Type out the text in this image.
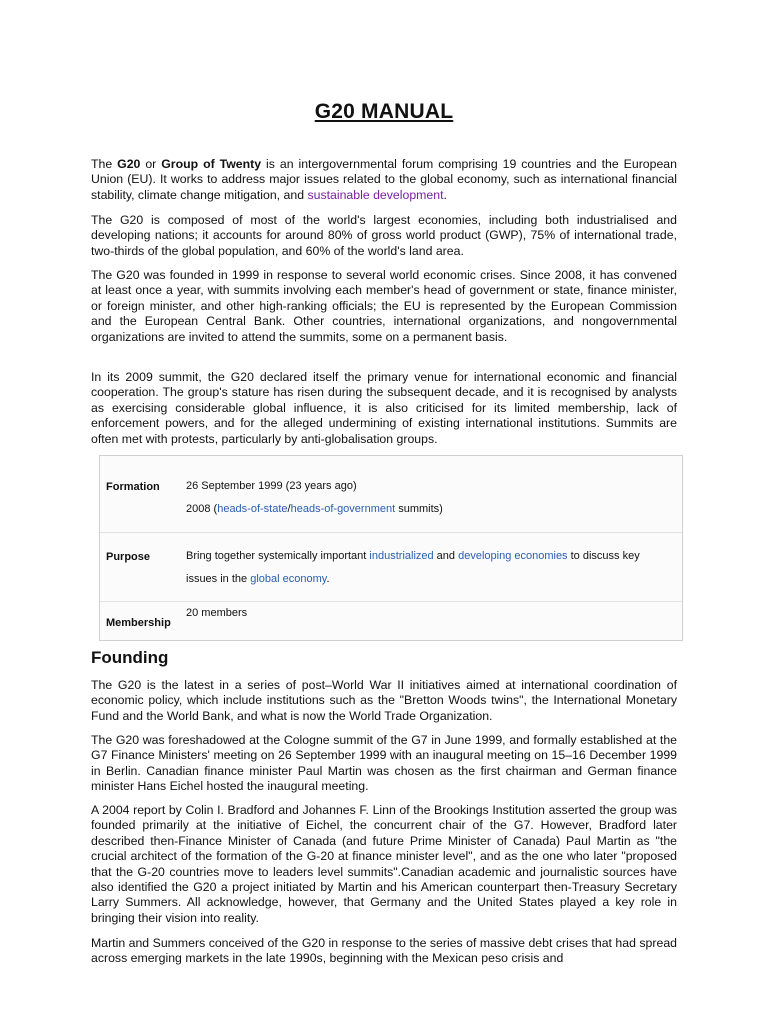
G20 MANUAL

The G20 or Group of Twenty is an intergovernmental forum comprising 19 countries and the European Union (EU). It works to address major issues related to the global economy, such as international financial stability, climate change mitigation, and sustainable development.

The G20 is composed of most of the world's largest economies, including both industrialised and developing nations; it accounts for around 80% of gross world product (GWP), 75% of international trade, two-thirds of the global population, and 60% of the world's land area.

The G20 was founded in 1999 in response to several world economic crises. Since 2008, it has convened at least once a year, with summits involving each member's head of government or state, finance minister, or foreign minister, and other high-ranking officials; the EU is represented by the European Commission and the European Central Bank. Other countries, international organizations, and nongovernmental organizations are invited to attend the summits, some on a permanent basis.

In its 2009 summit, the G20 declared itself the primary venue for international economic and financial cooperation. The group's stature has risen during the subsequent decade, and it is recognised by analysts as exercising considerable global influence, it is also criticised for its limited membership, lack of enforcement powers, and for the alleged undermining of existing international institutions. Summits are often met with protests, particularly by anti-globalisation groups.

Formation 26 September 1999 (23 years ago)
2008 (heads-of-state/heads-of-government summits)
Purpose	Bring together systemically important industrialized and developing economies to discuss key
issues in the global economy.
Membership
20 members
Founding

The G20 is the latest in a series of post–World War II initiatives aimed at international coordination of economic policy, which include institutions such as the "Bretton Woods twins", the International Monetary Fund and the World Bank, and what is now the World Trade Organization.

The G20 was foreshadowed at the Cologne summit of the G7 in June 1999, and formally established at the G7 Finance Ministers' meeting on 26 September 1999 with an inaugural meeting on 15–16 December 1999 in Berlin. Canadian finance minister Paul Martin was chosen as the first chairman and German finance minister Hans Eichel hosted the inaugural meeting.

A 2004 report by Colin I. Bradford and Johannes F. Linn of the Brookings Institution asserted the group was founded primarily at the initiative of Eichel, the concurrent chair of the G7. However, Bradford later described then-Finance Minister of Canada (and future Prime Minister of Canada) Paul Martin as "the crucial architect of the formation of the G-20 at finance minister level", and as the one who later "proposed that the G-20 countries move to leaders level summits".Canadian academic and journalistic sources have also identified the G20 a project initiated by Martin and his American counterpart then-Treasury Secretary Larry Summers. All acknowledge, however, that Germany and the United States played a key role in bringing their vision into reality.

Martin and Summers conceived of the G20 in response to the series of massive debt crises that had spread across emerging markets in the late 1990s, beginning with the Mexican peso crisis and
